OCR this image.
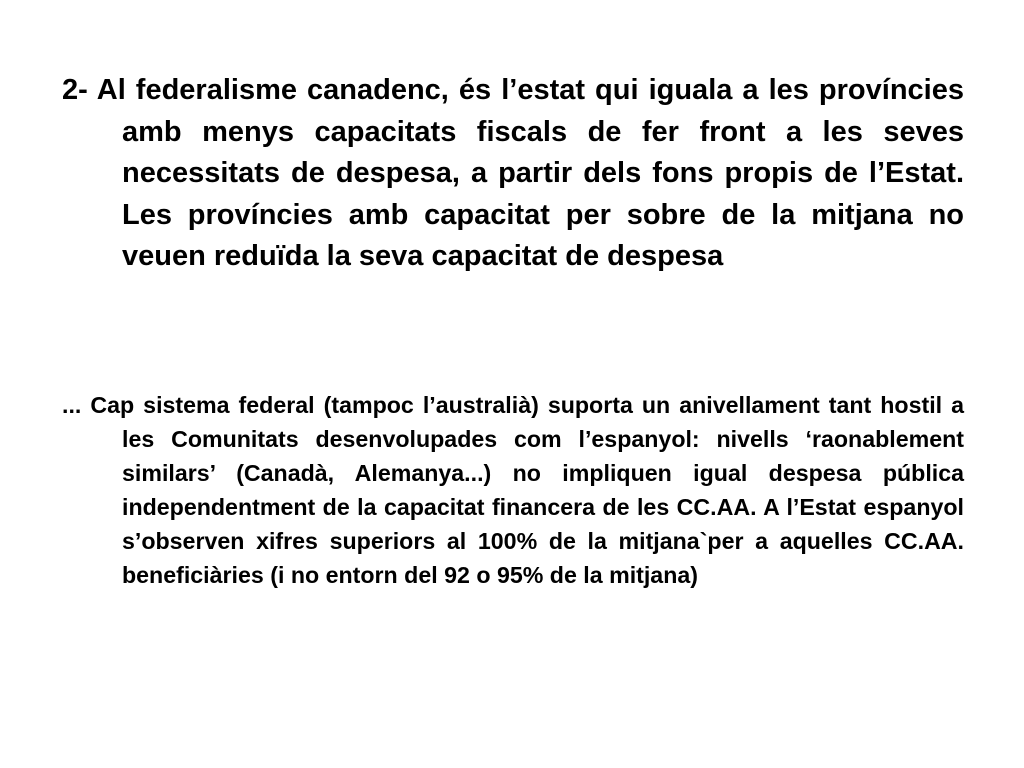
2- Al federalisme canadenc, és l’estat qui iguala a les províncies amb menys capacitats fiscals de fer front a les seves necessitats de despesa, a partir dels fons propis de l’Estat. Les províncies amb capacitat per sobre de la mitjana no veuen reduïda la seva capacitat de despesa

... Cap sistema federal (tampoc l’australià) suporta un anivellament tant hostil a les Comunitats desenvolupades com l’espanyol: nivells ‘raonablement similars’ (Canadà, Alemanya...) no impliquen igual despesa pública independentment de la capacitat financera de les CC.AA. A l’Estat espanyol s’observen xifres superiors al 100% de la mitjana`per a aquelles CC.AA. beneficiàries (i no entorn del 92 o 95% de la mitjana)
